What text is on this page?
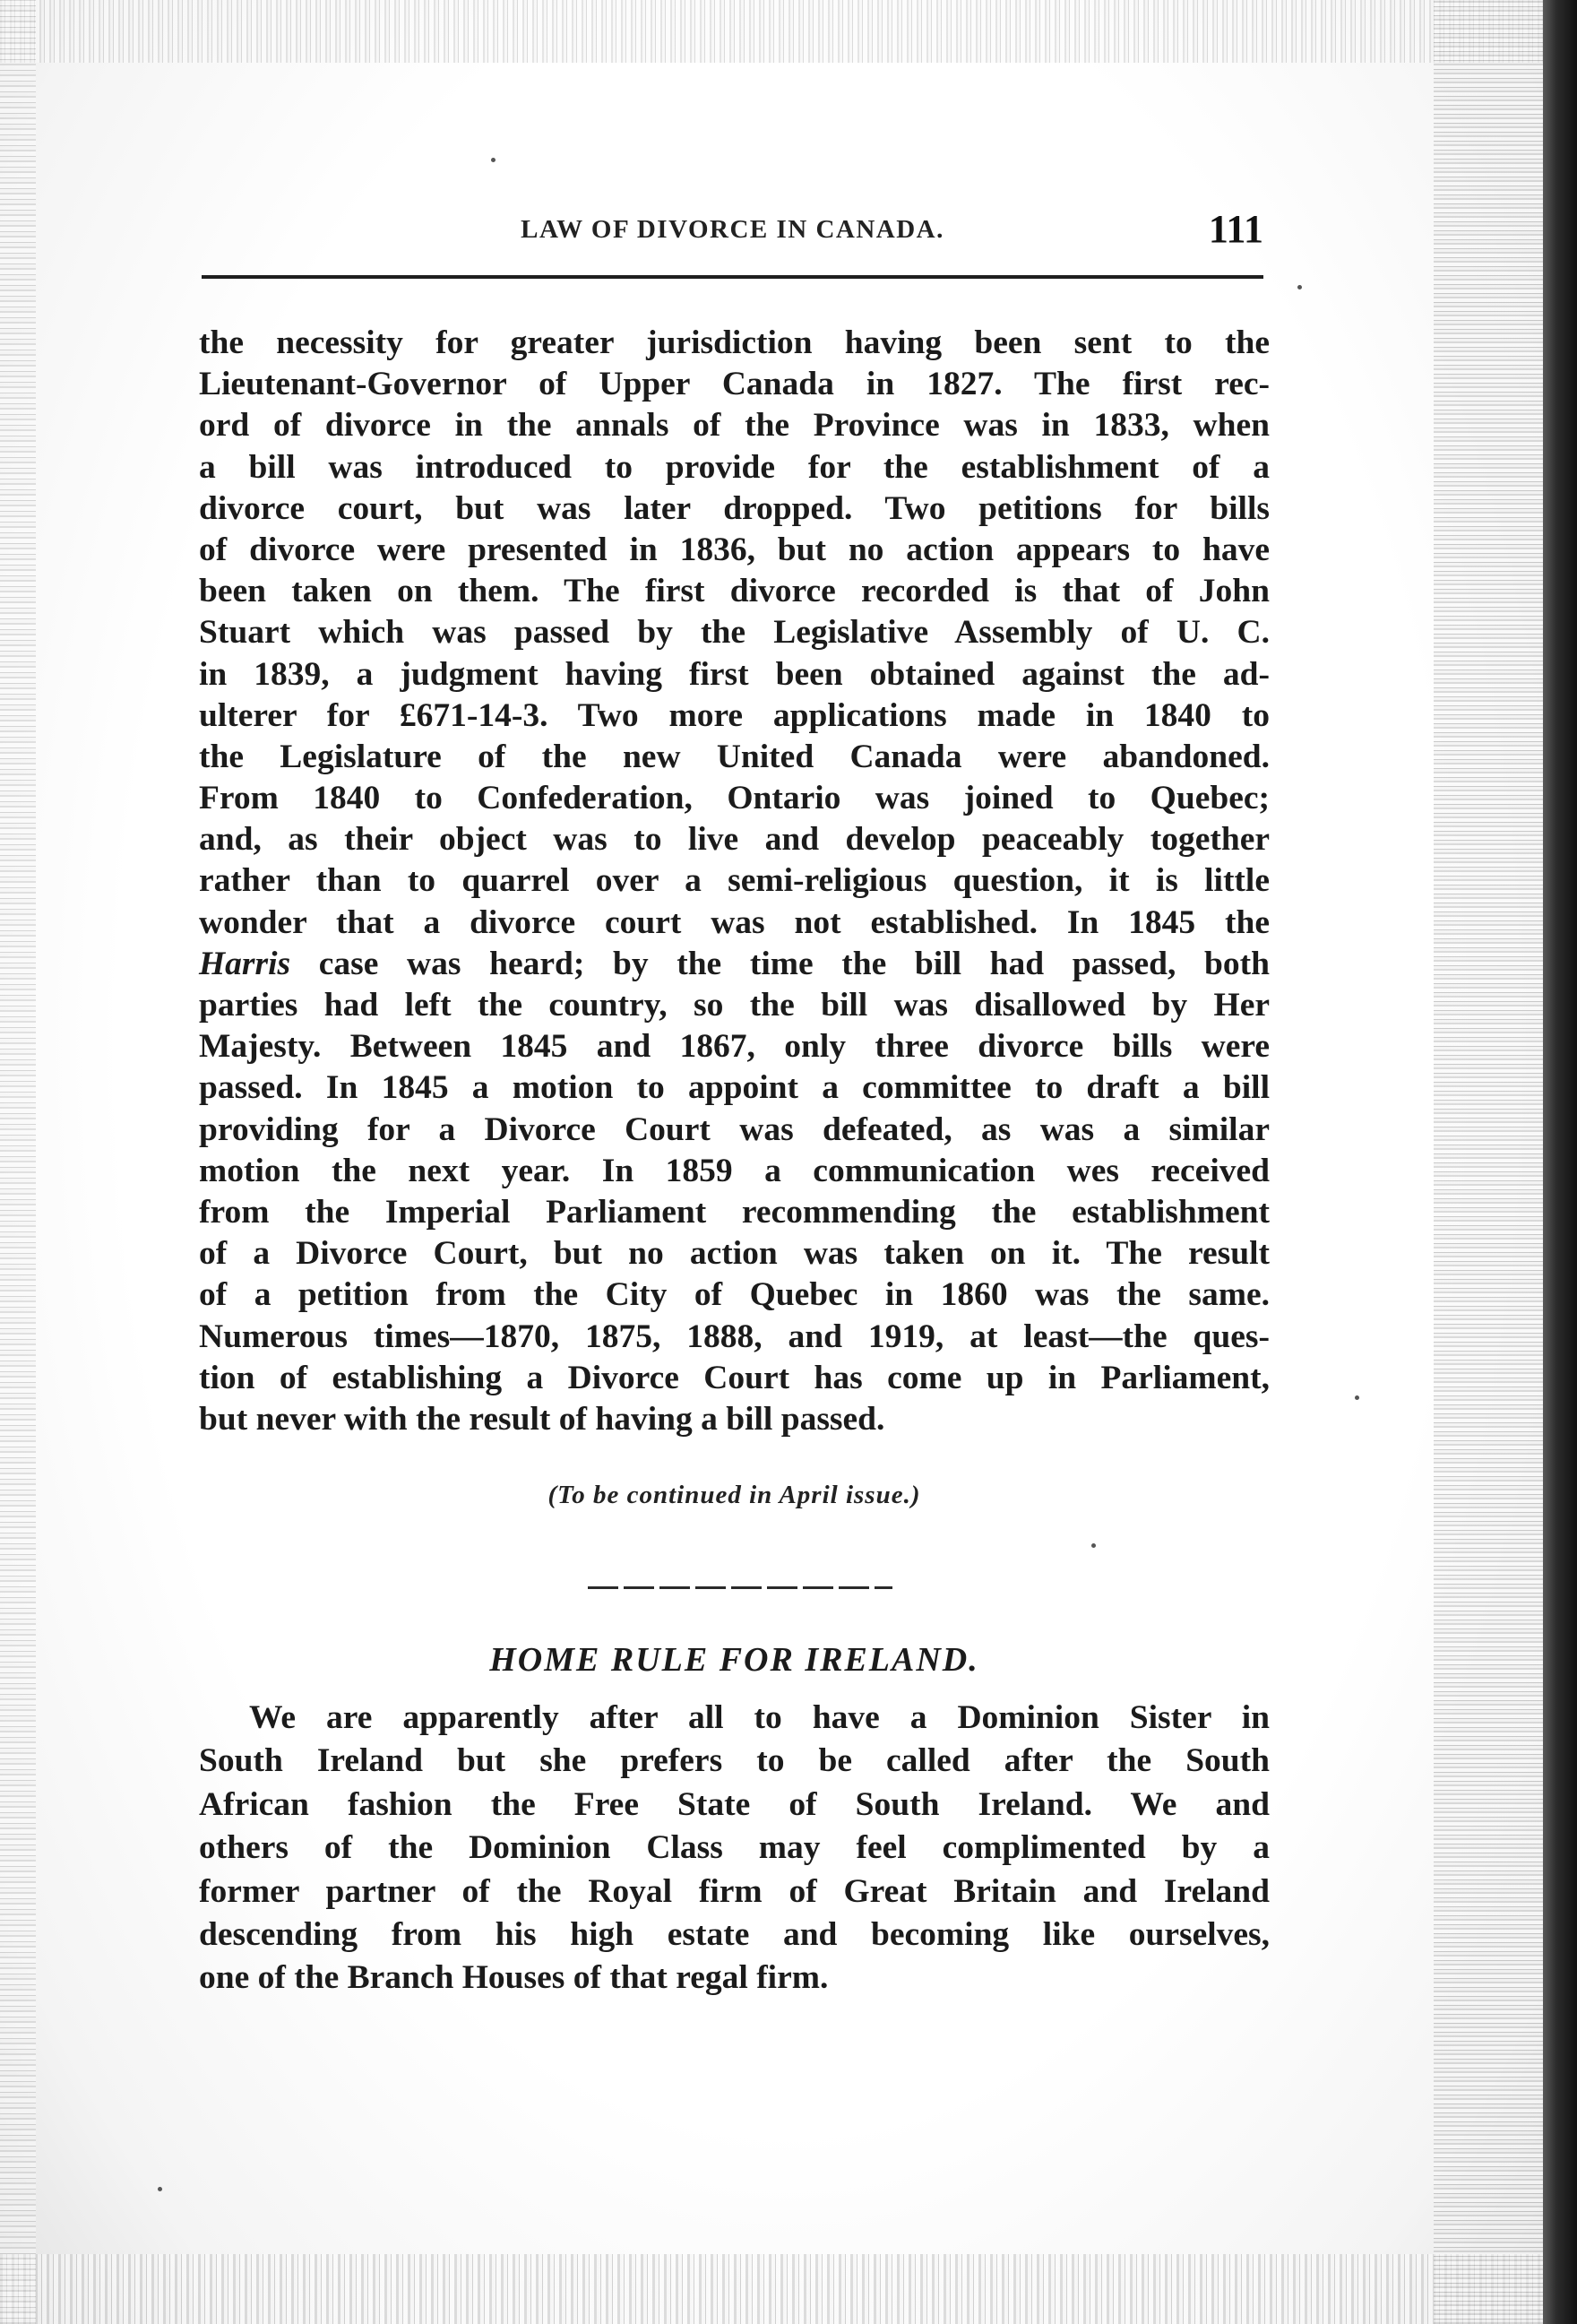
LAW OF DIVORCE IN CANADA.	111
the necessity for greater jurisdiction having been sent to the
Lieutenant-Governor of Upper Canada in 1827. The first rec-
ord of divorce in the annals of the Province was in 1833, when
a bill was introduced to provide for the establishment of a
divorce court, but was later dropped. Two petitions for bills
of divorce were presented in 1836, but no action appears to have
been taken on them. The first divorce recorded is that of John
Stuart which was passed by the Legislative Assembly of U. C.
in 1839, a judgment having first been obtained against the ad-
ulterer for £671-14-3. Two more applications made in 1840 to
the Legislature of the new United Canada were abandoned.
From 1840 to Confederation, Ontario was joined to Quebec;
and, as their object was to live and develop peaceably together
rather than to quarrel over a semi-religious question, it is little
wonder that a divorce court was not established. In 1845 the
Harris case was heard; by the time the bill had passed, both
parties had left the country, so the bill was disallowed by Her
Majesty. Between 1845 and 1867, only three divorce bills were
passed. In 1845 a motion to appoint a committee to draft a bill
providing for a Divorce Court was defeated, as was a similar
motion the next year. In 1859 a communication wes received
from the Imperial Parliament recommending the establishment
of a Divorce Court, but no action was taken on it. The result
of a petition from the City of Quebec in 1860 was the same.
Numerous times—1870, 1875, 1888, and 1919, at least—the ques-
tion of establishing a Divorce Court has come up in Parliament,
but never with the result of having a bill passed.
(To be continued in April issue.)
HOME RULE FOR IRELAND.
We are apparently after all to have a Dominion Sister in
South Ireland but she prefers to be called after the South
African fashion the Free State of South Ireland. We and
others of the Dominion Class may feel complimented by a
former partner of the Royal firm of Great Britain and Ireland
descending from his high estate and becoming like ourselves,
one of the Branch Houses of that regal firm.
